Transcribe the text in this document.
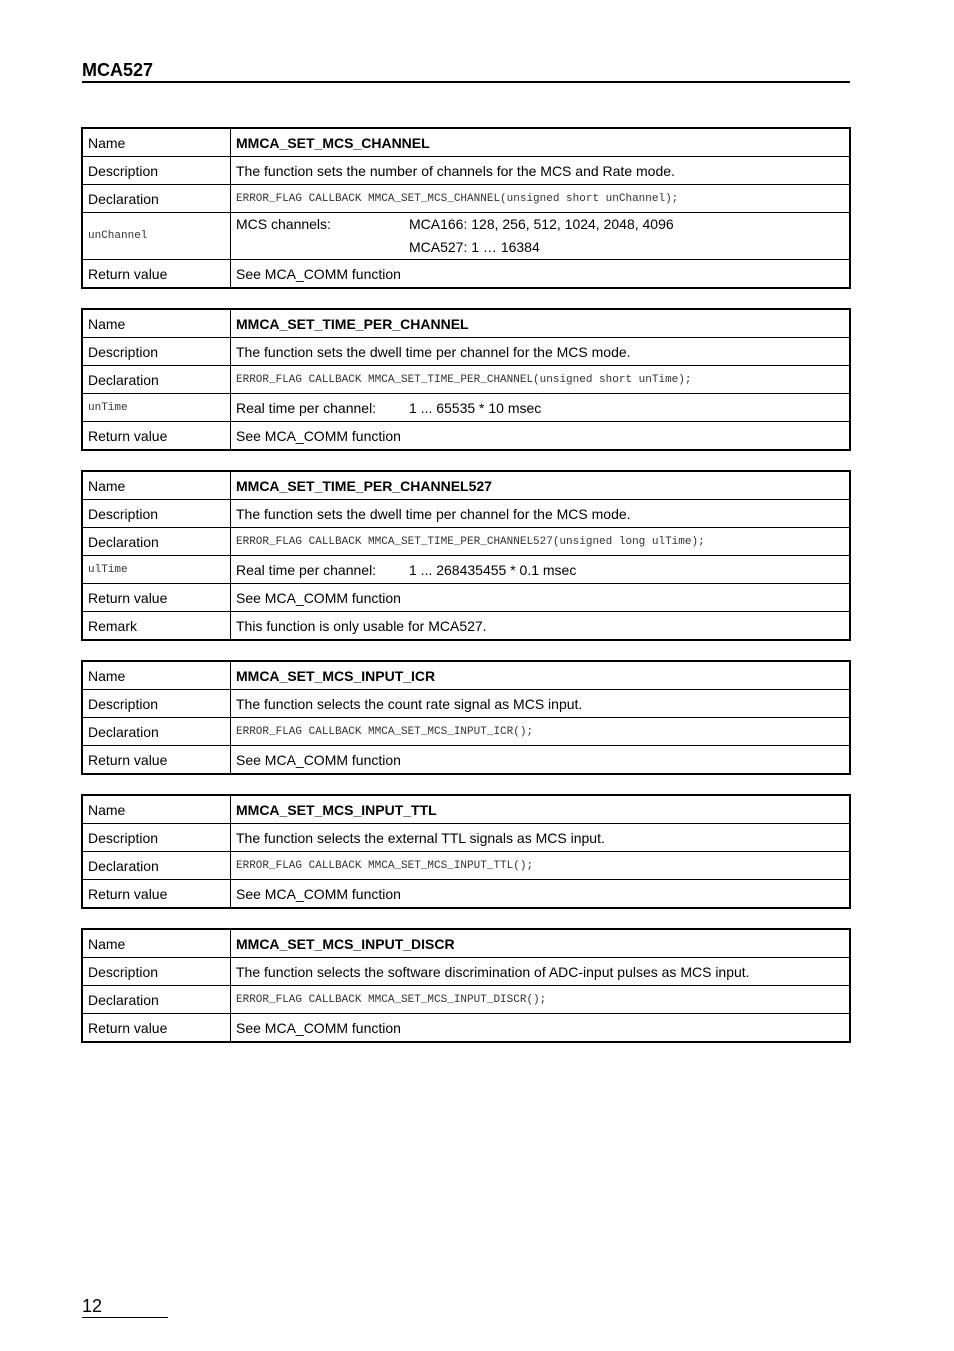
MCA527
Name	MMCA_SET_MCS_CHANNEL
Description	The function sets the number of channels for the MCS and Rate mode.
Declaration	ERROR_FLAG CALLBACK MMCA_SET_MCS_CHANNEL(unsigned short unChannel);
unChannel	MCS channels: MCA166: 128, 256, 512, 1024, 2048, 4096
MCA527: 1 … 16384

Return value	See MCA_COMM function
Name	MMCA_SET_TIME_PER_CHANNEL
Description	The function sets the dwell time per channel for the MCS mode.
Declaration	ERROR_FLAG CALLBACK MMCA_SET_TIME_PER_CHANNEL(unsigned short unTime);
unTime	Real time per channel: 1 ... 65535 * 10 msec

Return value	See MCA_COMM function
Name	MMCA_SET_TIME_PER_CHANNEL527
Description	The function sets the dwell time per channel for the MCS mode.
Declaration	ERROR_FLAG CALLBACK MMCA_SET_TIME_PER_CHANNEL527(unsigned long ulTime);
ulTime	Real time per channel: 1 ... 268435455 * 0.1 msec

Return value	See MCA_COMM function
Remark	This function is only usable for MCA527.
Name	MMCA_SET_MCS_INPUT_ICR
Description	The function selects the count rate signal as MCS input.
Declaration	ERROR_FLAG CALLBACK MMCA_SET_MCS_INPUT_ICR();
Return value	See MCA_COMM function
Name	MMCA_SET_MCS_INPUT_TTL
Description	The function selects the external TTL signals as MCS input.
Declaration	ERROR_FLAG CALLBACK MMCA_SET_MCS_INPUT_TTL();
Return value	See MCA_COMM function
Name	MMCA_SET_MCS_INPUT_DISCR
Description	The function selects the software discrimination of ADC-input pulses as MCS input.
Declaration	ERROR_FLAG CALLBACK MMCA_SET_MCS_INPUT_DISCR();
Return value	See MCA_COMM function
12
